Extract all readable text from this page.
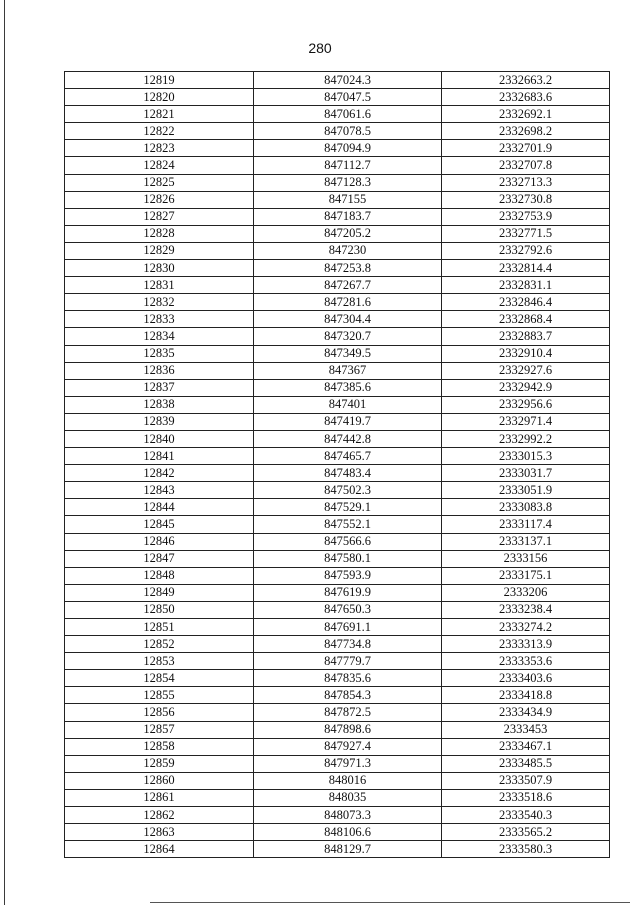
280
12819	847024.3	2332663.2
12820	847047.5	2332683.6
12821	847061.6	2332692.1
12822	847078.5	2332698.2
12823	847094.9	2332701.9
12824	847112.7	2332707.8
12825	847128.3	2332713.3
12826	847155	2332730.8
12827	847183.7	2332753.9
12828	847205.2	2332771.5
12829	847230	2332792.6
12830	847253.8	2332814.4
12831	847267.7	2332831.1
12832	847281.6	2332846.4
12833	847304.4	2332868.4
12834	847320.7	2332883.7
12835	847349.5	2332910.4
12836	847367	2332927.6
12837	847385.6	2332942.9
12838	847401	2332956.6
12839	847419.7	2332971.4
12840	847442.8	2332992.2
12841	847465.7	2333015.3
12842	847483.4	2333031.7
12843	847502.3	2333051.9
12844	847529.1	2333083.8
12845	847552.1	2333117.4
12846	847566.6	2333137.1
12847	847580.1	2333156
12848	847593.9	2333175.1
12849	847619.9	2333206
12850	847650.3	2333238.4
12851	847691.1	2333274.2
12852	847734.8	2333313.9
12853	847779.7	2333353.6
12854	847835.6	2333403.6
12855	847854.3	2333418.8
12856	847872.5	2333434.9
12857	847898.6	2333453
12858	847927.4	2333467.1
12859	847971.3	2333485.5
12860	848016	2333507.9
12861	848035	2333518.6
12862	848073.3	2333540.3
12863	848106.6	2333565.2
12864	848129.7	2333580.3
